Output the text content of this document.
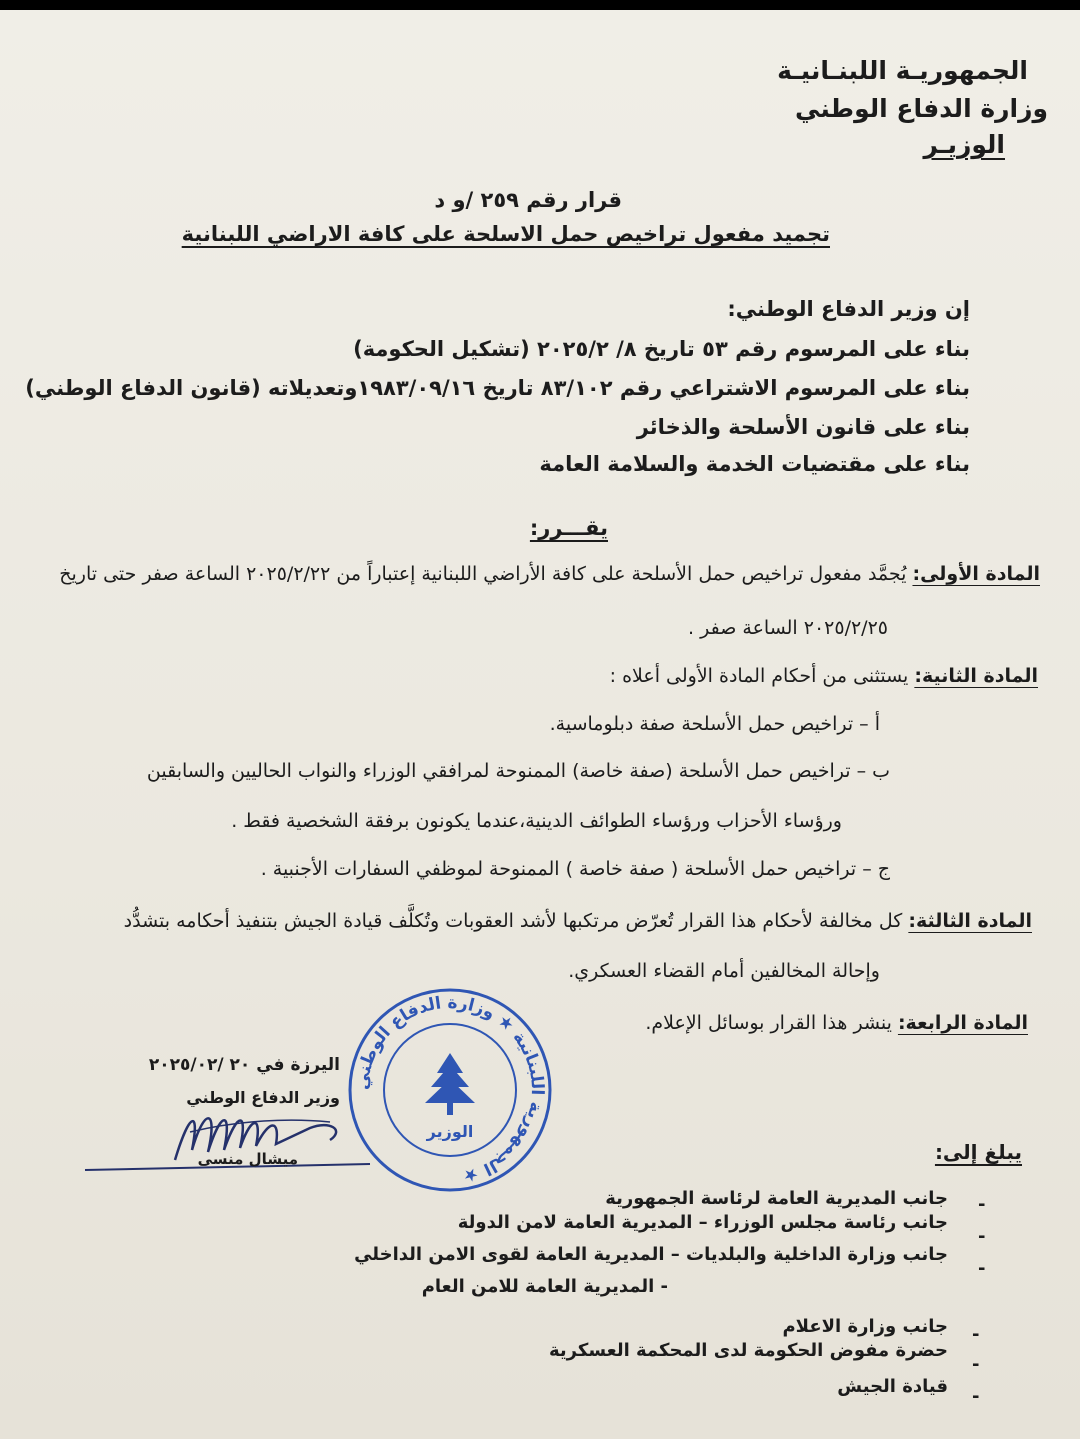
الجمهوريـة اللبنـانيـة
وزارة الدفاع الوطني
الوزيـر
قرار رقم ٢٥٩ /و د
تجميد مفعول تراخيص حمل الاسلحة على كافة الاراضي اللبنانية
إن وزير الدفاع الوطني:
بناء على المرسوم رقم ٥٣ تاريخ ٨/ ٢٠٢٥/٢ (تشكيل الحكومة)
بناء على المرسوم الاشتراعي رقم ٨٣/١٠٢ تاريخ ١٩٨٣/٠٩/١٦وتعديلاته (قانون الدفاع الوطني)
بناء على قانون الأسلحة والذخائر
بناء على مقتضيات الخدمة والسلامة العامة
يقـــرر:
المادة الأولى:يُجمَّد مفعول تراخيص حمل الأسلحة على كافة الأراضي اللبنانية إعتباراً من ٢٠٢٥/٢/٢٢ الساعة صفر حتى تاريخ
٢٠٢٥/٢/٢٥ الساعة صفر .
المادة الثانية:يستثنى من أحكام المادة الأولى أعلاه :
أ – تراخيص حمل الأسلحة صفة دبلوماسية.
ب – تراخيص حمل الأسلحة (صفة خاصة) الممنوحة لمرافقي الوزراء والنواب الحاليين والسابقين
ورؤساء الأحزاب ورؤساء الطوائف الدينية،عندما يكونون برفقة الشخصية فقط .
ج – تراخيص حمل الأسلحة ( صفة خاصة ) الممنوحة لموظفي السفارات الأجنبية .
المادة الثالثة:كل مخالفة لأحكام هذا القرار تُعرّض مرتكبها لأشد العقوبات وتُكلَّف قيادة الجيش بتنفيذ أحكامه بتشدُّد
وإحالة المخالفين أمام القضاء العسكري.
المادة الرابعة:ينشر هذا القرار بوسائل الإعلام.
اليرزة في ٢٠ /٢٠٢٥/٠٢
وزير الدفاع الوطني
ميشال منسى
الجمهورية اللبنانية ★ وزارة الدفاع الوطني ★
الوزير
يبلغ إلى:
-
جانب المديرية العامة لرئاسة الجمهورية
-
جانب رئاسة مجلس الوزراء – المديرية العامة لامن الدولة
-
جانب وزارة الداخلية والبلديات – المديرية العامة لقوى الامن الداخلي
- المديرية العامة للامن العام
-
جانب وزارة الاعلام
-
حضرة مفوض الحكومة لدى المحكمة العسكرية
-
قيادة الجيش
